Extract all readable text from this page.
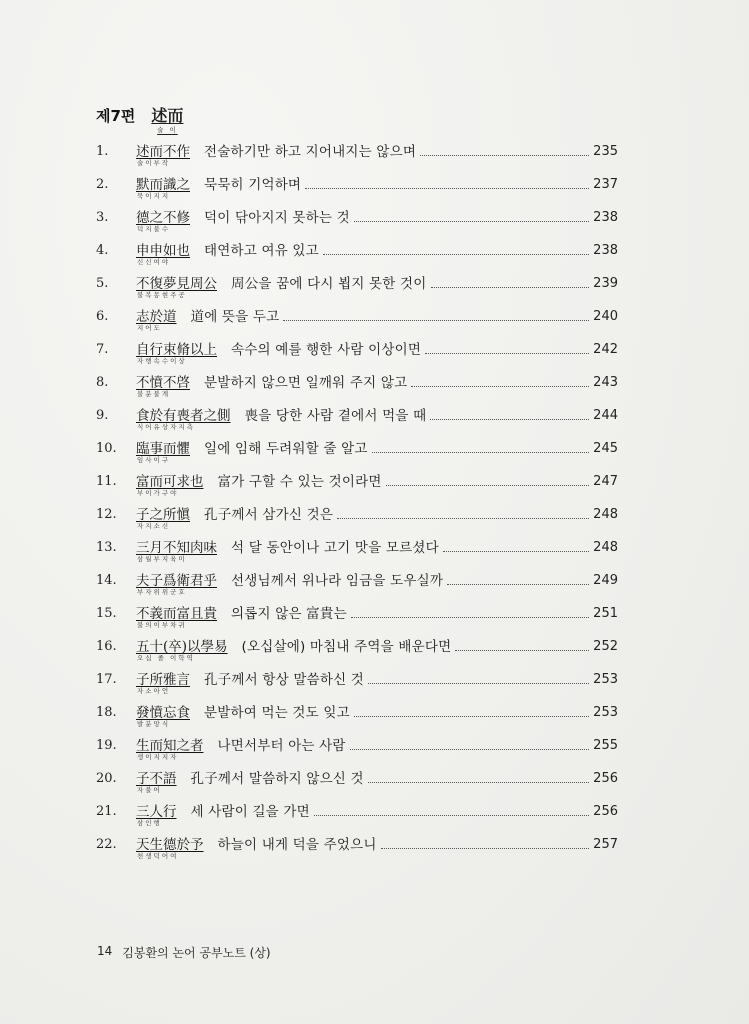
제7편 述而
술 이
1.	述而不作
술이부작
전술하기만 하고 지어내지는 않으며	235
2.	默而識之
묵이지지
묵묵히 기억하며	237
3.	德之不修
덕지불수
덕이 닦아지지 못하는 것	238
4.	申申如也
신신여야
태연하고 여유 있고	238
5.	不復夢見周公
불복몽현주공
周公을 꿈에 다시 뵙지 못한 것이	239
6.	志於道
지어도
道에 뜻을 두고	240
7.	自行束脩以上
자행속수이상
속수의 예를 행한 사람 이상이면	242
8.	不憤不啓
불분불계
분발하지 않으면 일깨워 주지 않고	243
9.	食於有喪者之側
식어유상자지측
喪을 당한 사람 곁에서 먹을 때	244
10.	臨事而懼
임사이구
일에 임해 두려워할 줄 알고	245
11.	富而可求也
부이가구야
富가 구할 수 있는 것이라면	247
12.	子之所愼
자지소신
孔子께서 삼가신 것은	248
13.	三月不知肉味
삼월부지육미
석 달 동안이나 고기 맛을 모르셨다	248
14.	夫子爲衛君乎
부자위위군호
선생님께서 위나라 임금을 도우실까	249
15.	不義而富且貴
불의이부차귀
의롭지 않은 富貴는	251
16.	五十(卒)以學易
오십 졸 이학역
(오십살에) 마침내 주역을 배운다면	252
17.	子所雅言
자소아언
孔子께서 항상 말씀하신 것	253
18.	發憤忘食
발분망식
분발하여 먹는 것도 잊고	253
19.	生而知之者
생이지지자
나면서부터 아는 사람	255
20.	子不語
자불어
孔子께서 말씀하지 않으신 것	256
21.	三人行
삼인행
세 사람이 길을 가면	256
22.	天生德於予
천생덕어여
하늘이 내게 덕을 주었으니	257
14 김봉환의 논어 공부노트 (상)
